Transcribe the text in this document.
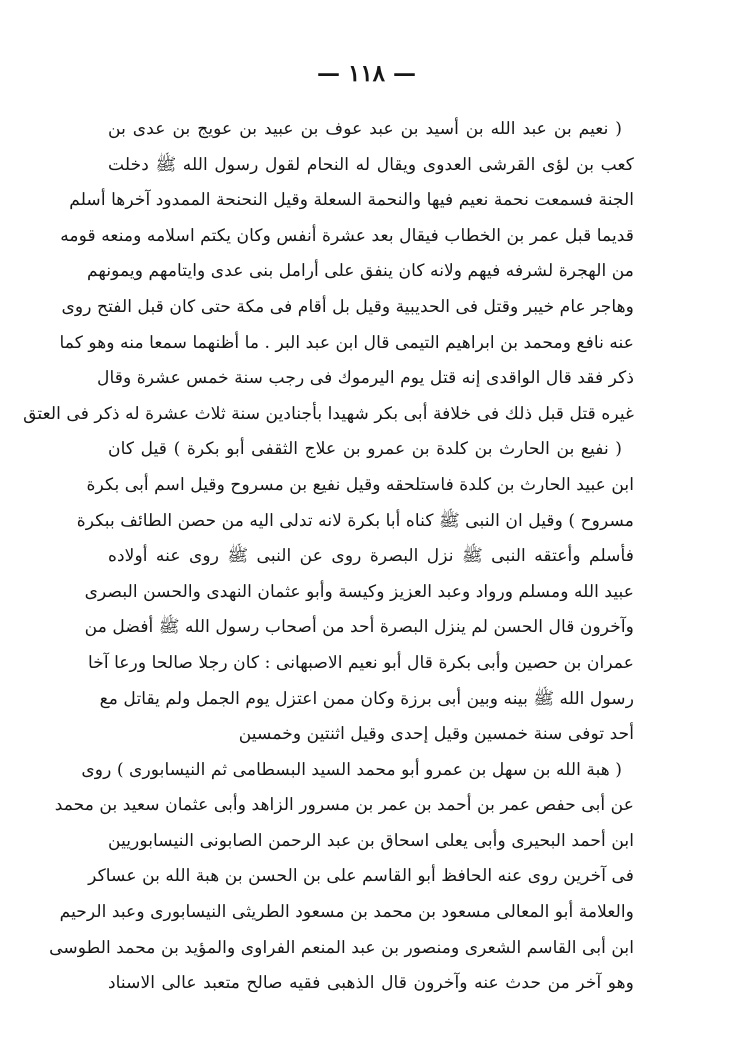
— ١١٨ —
( نعيم بن عبد الله بن أسيد بن عبد عوف بن عبيد بن عويج بن عدى بن
كعب بن لؤى القرشى العدوى ويقال له النحام لقول رسول الله ﷺ دخلت
الجنة فسمعت نحمة نعيم فيها والنحمة السعلة وقيل النحنحة الممدود آخرها أسلم
قديما قبل عمر بن الخطاب فيقال بعد عشرة أنفس وكان يكتم اسلامه ومنعه قومه
من الهجرة لشرفه فيهم ولانه كان ينفق على أرامل بنى عدى وايتامهم ويمونهم
وهاجر عام خيبر وقتل فى الحديبية وقيل بل أقام فى مكة حتى كان قبل الفتح روى
عنه نافع ومحمد بن ابراهيم التيمى قال ابن عبد البر . ما أظنهما سمعا منه وهو كما
ذكر فقد قال الواقدى إنه قتل يوم اليرموك فى رجب سنة خمس عشرة وقال
غيره قتل قبل ذلك فى خلافة أبى بكر شهيدا بأجنادين سنة ثلاث عشرة له ذكر فى العتق
( نفيع بن الحارث بن كلدة بن عمرو بن علاج الثقفى أبو بكرة ) قيل كان
ابن عبيد الحارث بن كلدة فاستلحقه وقيل نفيع بن مسروح وقيل اسم أبى بكرة
مسروح ) وقيل ان النبى ﷺ كناه أبا بكرة لانه تدلى اليه من حصن الطائف ببكرة
فأسلم وأعتقه النبى ﷺ نزل البصرة روى عن النبى ﷺ روى عنه أولاده
عبيد الله ومسلم ورواد وعبد العزيز وكيسة وأبو عثمان النهدى والحسن البصرى
وآخرون قال الحسن لم ينزل البصرة أحد من أصحاب رسول الله ﷺ أفضل من
عمران بن حصين وأبى بكرة قال أبو نعيم الاصبهانى : كان رجلا صالحا ورعا آخا
رسول الله ﷺ بينه وبين أبى برزة وكان ممن اعتزل يوم الجمل ولم يقاتل مع
أحد توفى سنة خمسين وقيل إحدى وقيل اثنتين وخمسين
( هبة الله بن سهل بن عمرو أبو محمد السيد البسطامى ثم النيسابورى ) روى
عن أبى حفص عمر بن أحمد بن عمر بن مسرور الزاهد وأبى عثمان سعيد بن محمد
ابن أحمد البحيرى وأبى يعلى اسحاق بن عبد الرحمن الصابونى النيسابوريين
فى آخرين روى عنه الحافظ أبو القاسم على بن الحسن بن هبة الله بن عساكر
والعلامة أبو المعالى مسعود بن محمد بن مسعود الطريثى النيسابورى وعبد الرحيم
ابن أبى القاسم الشعرى ومنصور بن عبد المنعم الفراوى والمؤيد بن محمد الطوسى
وهو آخر من حدث عنه وآخرون قال الذهبى فقيه صالح متعبد عالى الاسناد
